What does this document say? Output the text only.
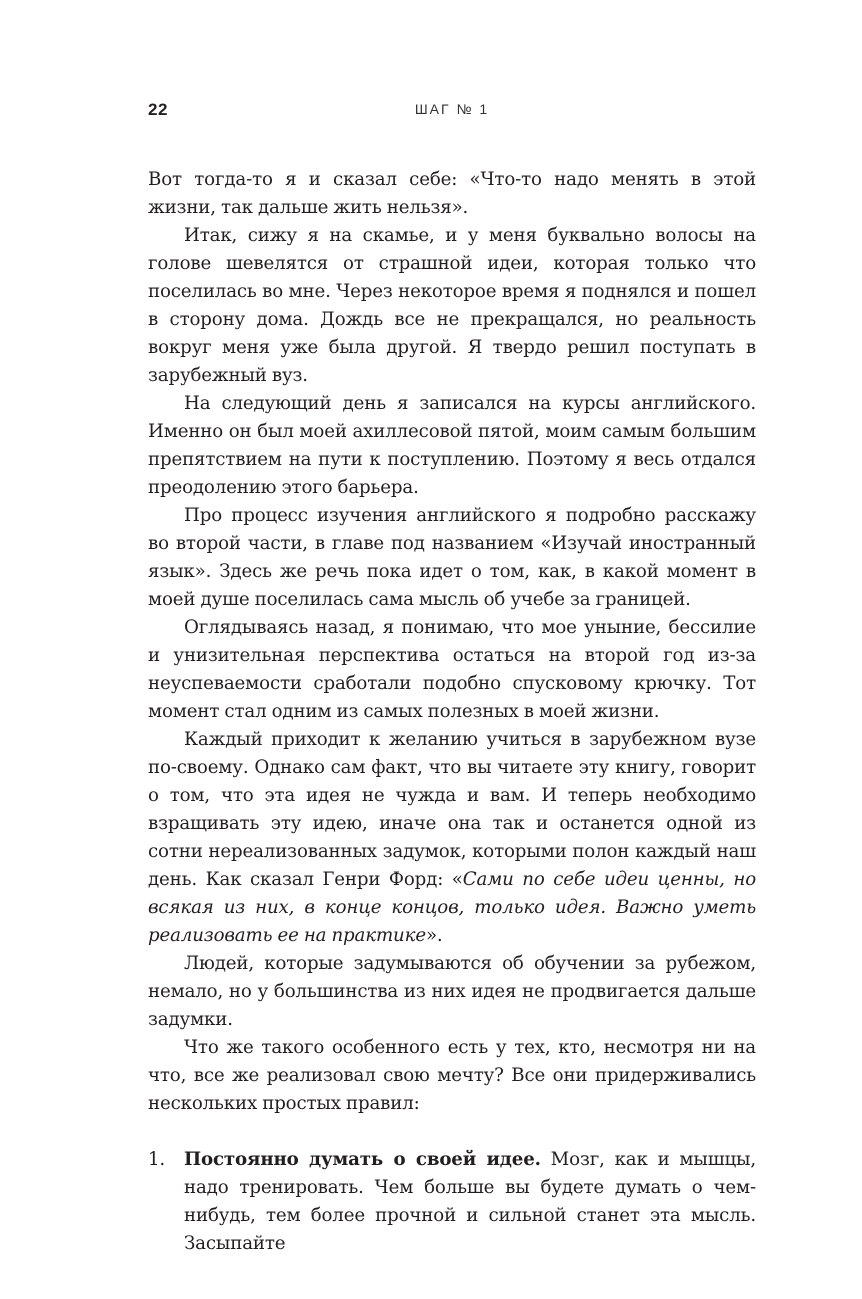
22	ШАГ № 1

Вот тогда-то я и сказал себе: «Что-то надо менять в этой жизни, так дальше жить нельзя».

Итак, сижу я на скамье, и у меня буквально волосы на голове шевелятся от страшной идеи, которая только что поселилась во мне. Через некоторое время я поднялся и пошел в сторону дома. Дождь все не прекращался, но реальность вокруг меня уже была другой. Я твердо решил поступать в зарубежный вуз.

На следующий день я записался на курсы английского. Именно он был моей ахиллесовой пятой, моим самым большим препятствием на пути к поступлению. Поэтому я весь отдался преодолению этого барьера.

Про процесс изучения английского я подробно расскажу во второй части, в главе под названием «Изучай иностранный язык». Здесь же речь пока идет о том, как, в какой момент в моей душе поселилась сама мысль об учебе за границей.

Оглядываясь назад, я понимаю, что мое уныние, бессилие и унизительная перспектива остаться на второй год из-за неуспеваемости сработали подобно спусковому крючку. Тот момент стал одним из самых полезных в моей жизни.

Каждый приходит к желанию учиться в зарубежном вузе по-своему. Однако сам факт, что вы читаете эту книгу, говорит о том, что эта идея не чужда и вам. И теперь необходимо взращивать эту идею, иначе она так и останется одной из сотни нереализованных задумок, которыми полон каждый наш день. Как сказал Генри Форд: «Сами по себе идеи ценны, но всякая из них, в конце концов, только идея. Важно уметь реализовать ее на практике».

Людей, которые задумываются об обучении за рубежом, немало, но у большинства из них идея не продвигается дальше задумки.

Что же такого особенного есть у тех, кто, несмотря ни на что, все же реализовал свою мечту? Все они придерживались нескольких простых правил:

1. Постоянно думать о своей идее. Мозг, как и мышцы, надо тренировать. Чем больше вы будете думать о чем-нибудь, тем более прочной и сильной станет эта мысль. Засыпайте
